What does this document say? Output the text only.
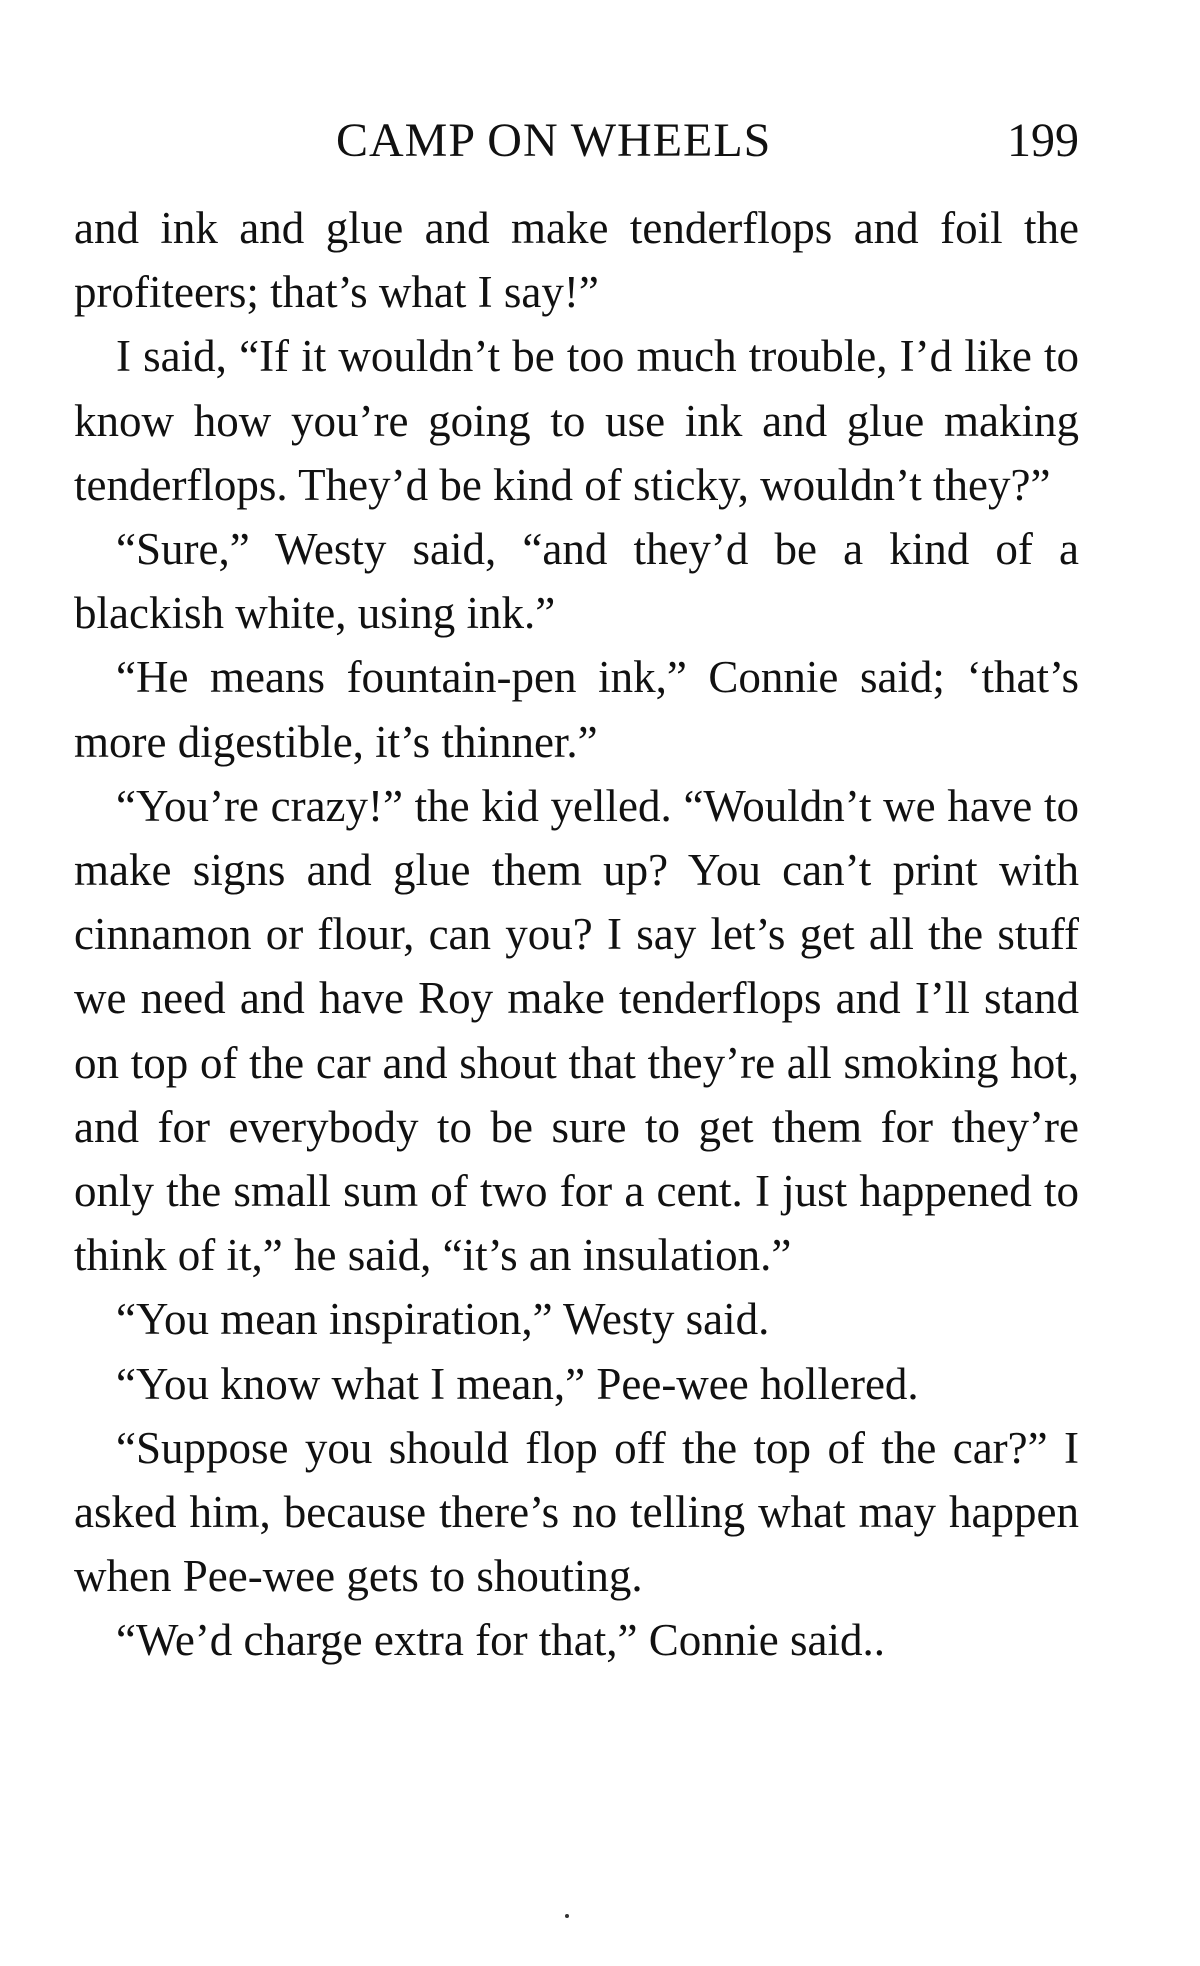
CAMP ON WHEELS	199

and ink and glue and make tenderflops and foil the profiteers; that’s what I say!”

I said, “If it wouldn’t be too much trouble, I’d like to know how you’re going to use ink and glue making tenderflops. They’d be kind of sticky, wouldn’t they?”

“Sure,” Westy said, “and they’d be a kind of a blackish white, using ink.”

“He means fountain-pen ink,” Connie said; ‘that’s more digestible, it’s thinner.”

“You’re crazy!” the kid yelled. “Wouldn’t we have to make signs and glue them up? You can’t print with cinnamon or flour, can you? I say let’s get all the stuff we need and have Roy make tenderflops and I’ll stand on top of the car and shout that they’re all smoking hot, and for everybody to be sure to get them for they’re only the small sum of two for a cent. I just happened to think of it,” he said, “it’s an insulation.”

“You mean inspiration,” Westy said.

“You know what I mean,” Pee-wee hollered.

“Suppose you should flop off the top of the car?” I asked him, because there’s no telling what may happen when Pee-wee gets to shouting.

“We’d charge extra for that,” Connie said..
